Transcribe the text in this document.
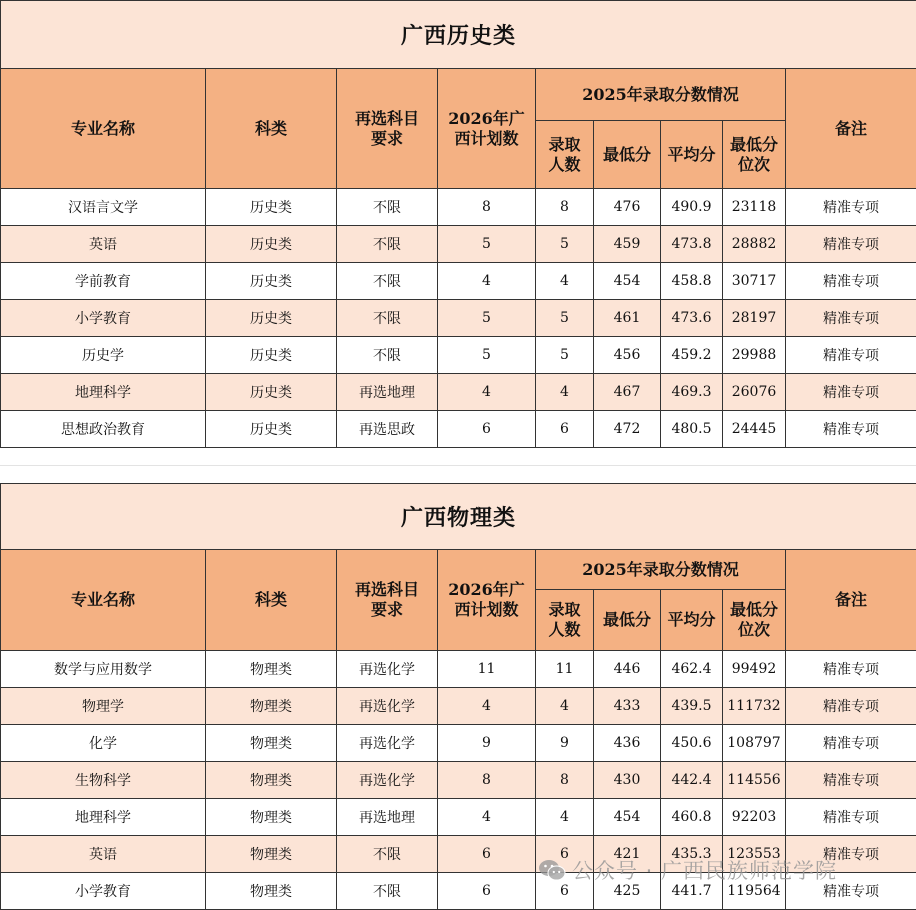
广西历史类								
专业名称	科类	再选科目要求	2026年广西计划数	2025年录取分数情况				备注
				录取人数	最低分	平均分	最低分位次	
汉语言文学	历史类	不限	8	8	476	490.9	23118	精准专项
英语	历史类	不限	5	5	459	473.8	28882	精准专项
学前教育	历史类	不限	4	4	454	458.8	30717	精准专项
小学教育	历史类	不限	5	5	461	473.6	28197	精准专项
历史学	历史类	不限	5	5	456	459.2	29988	精准专项
地理科学	历史类	再选地理	4	4	467	469.3	26076	精准专项
思想政治教育	历史类	再选思政	6	6	472	480.5	24445	精准专项
广西物理类								
专业名称	科类	再选科目要求	2026年广西计划数	2025年录取分数情况				备注
				录取人数	最低分	平均分	最低分位次	
数学与应用数学	物理类	再选化学	11	11	446	462.4	99492	精准专项
物理学	物理类	再选化学	4	4	433	439.5	111732	精准专项
化学	物理类	再选化学	9	9	436	450.6	108797	精准专项
生物科学	物理类	再选化学	8	8	430	442.4	114556	精准专项
地理科学	物理类	再选地理	4	4	454	460.8	92203	精准专项
英语	物理类	不限	6	6	421	435.3	123553	精准专项
小学教育	物理类	不限	6	6	425	441.7	119564	精准专项
公众号 · 广西民族师范学院
